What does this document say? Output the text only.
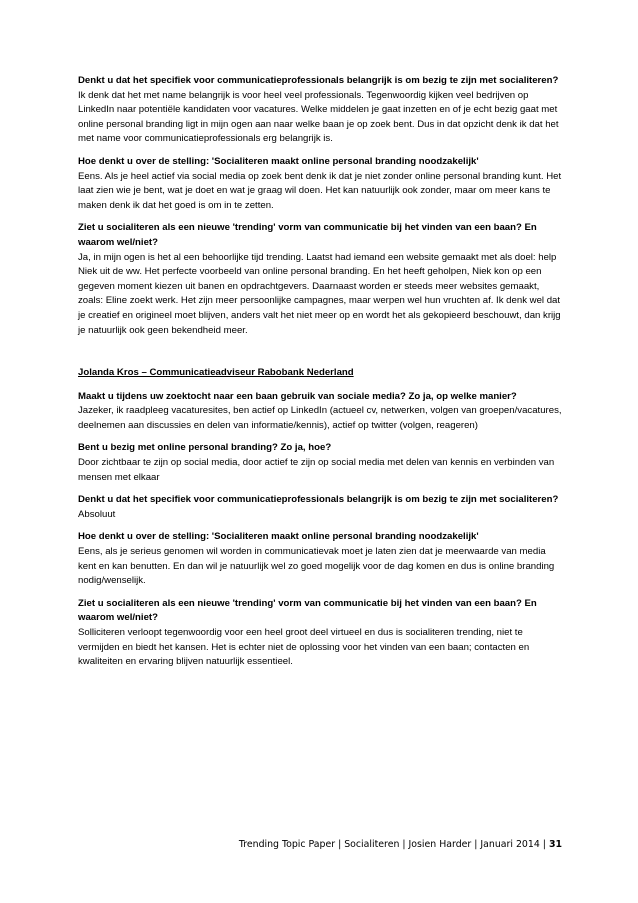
Denkt u dat het specifiek voor communicatieprofessionals belangrijk is om bezig te zijn met socialiteren?
Ik denk dat het met name belangrijk is voor heel veel professionals. Tegenwoordig kijken veel bedrijven op LinkedIn naar potentiële kandidaten voor vacatures. Welke middelen je gaat inzetten en of je echt bezig gaat met online personal branding ligt in mijn ogen aan naar welke baan je op zoek bent. Dus in dat opzicht denk ik dat het met name voor communicatieprofessionals erg belangrijk is.
Hoe denkt u over de stelling: 'Socialiteren maakt online personal branding noodzakelijk'
Eens. Als je heel actief via social media op zoek bent denk ik dat je niet zonder online personal branding kunt. Het laat zien wie je bent, wat je doet en wat je graag wil doen. Het kan natuurlijk ook zonder, maar om meer kans te maken denk ik dat het goed is om in te zetten.
Ziet u socialiteren als een nieuwe 'trending' vorm van communicatie bij het vinden van een baan? En waarom wel/niet?
Ja, in mijn ogen is het al een behoorlijke tijd trending. Laatst had iemand een website gemaakt met als doel: help Niek uit de ww. Het perfecte voorbeeld van online personal branding. En het heeft geholpen, Niek kon op een gegeven moment kiezen uit banen en opdrachtgevers. Daarnaast worden er steeds meer websites gemaakt, zoals: Eline zoekt werk. Het zijn meer persoonlijke campagnes, maar werpen wel hun vruchten af. Ik denk wel dat je creatief en origineel moet blijven, anders valt het niet meer op en wordt het als gekopieerd beschouwt, dan krijg je natuurlijk ook geen bekendheid meer.
Jolanda Kros – Communicatieadviseur Rabobank Nederland
Maakt u tijdens uw zoektocht naar een baan gebruik van sociale media? Zo ja, op welke manier?
Jazeker, ik raadpleeg vacaturesites, ben actief op LinkedIn (actueel cv, netwerken, volgen van groepen/vacatures, deelnemen aan discussies en delen van informatie/kennis), actief op twitter (volgen, reageren)
Bent u bezig met online personal branding? Zo ja, hoe?
Door zichtbaar te zijn op social media, door actief te zijn op social media met delen van kennis en verbinden van mensen met elkaar
Denkt u dat het specifiek voor communicatieprofessionals belangrijk is om bezig te zijn met socialiteren?
Absoluut
Hoe denkt u over de stelling: 'Socialiteren maakt online personal branding noodzakelijk'
Eens, als je serieus genomen wil worden in communicatievak moet je laten zien dat je meerwaarde van media kent en kan benutten. En dan wil je natuurlijk wel zo goed mogelijk voor de dag komen en dus is online branding nodig/wenselijk.
Ziet u socialiteren als een nieuwe 'trending' vorm van communicatie bij het vinden van een baan? En waarom wel/niet?
Solliciteren verloopt tegenwoordig voor een heel groot deel virtueel en dus is socialiteren trending, niet te vermijden en biedt het kansen. Het is echter niet de oplossing voor het vinden van een baan; contacten en kwaliteiten en ervaring blijven natuurlijk essentieel.
Trending Topic Paper | Socialiteren | Josien Harder | Januari 2014 | 31
